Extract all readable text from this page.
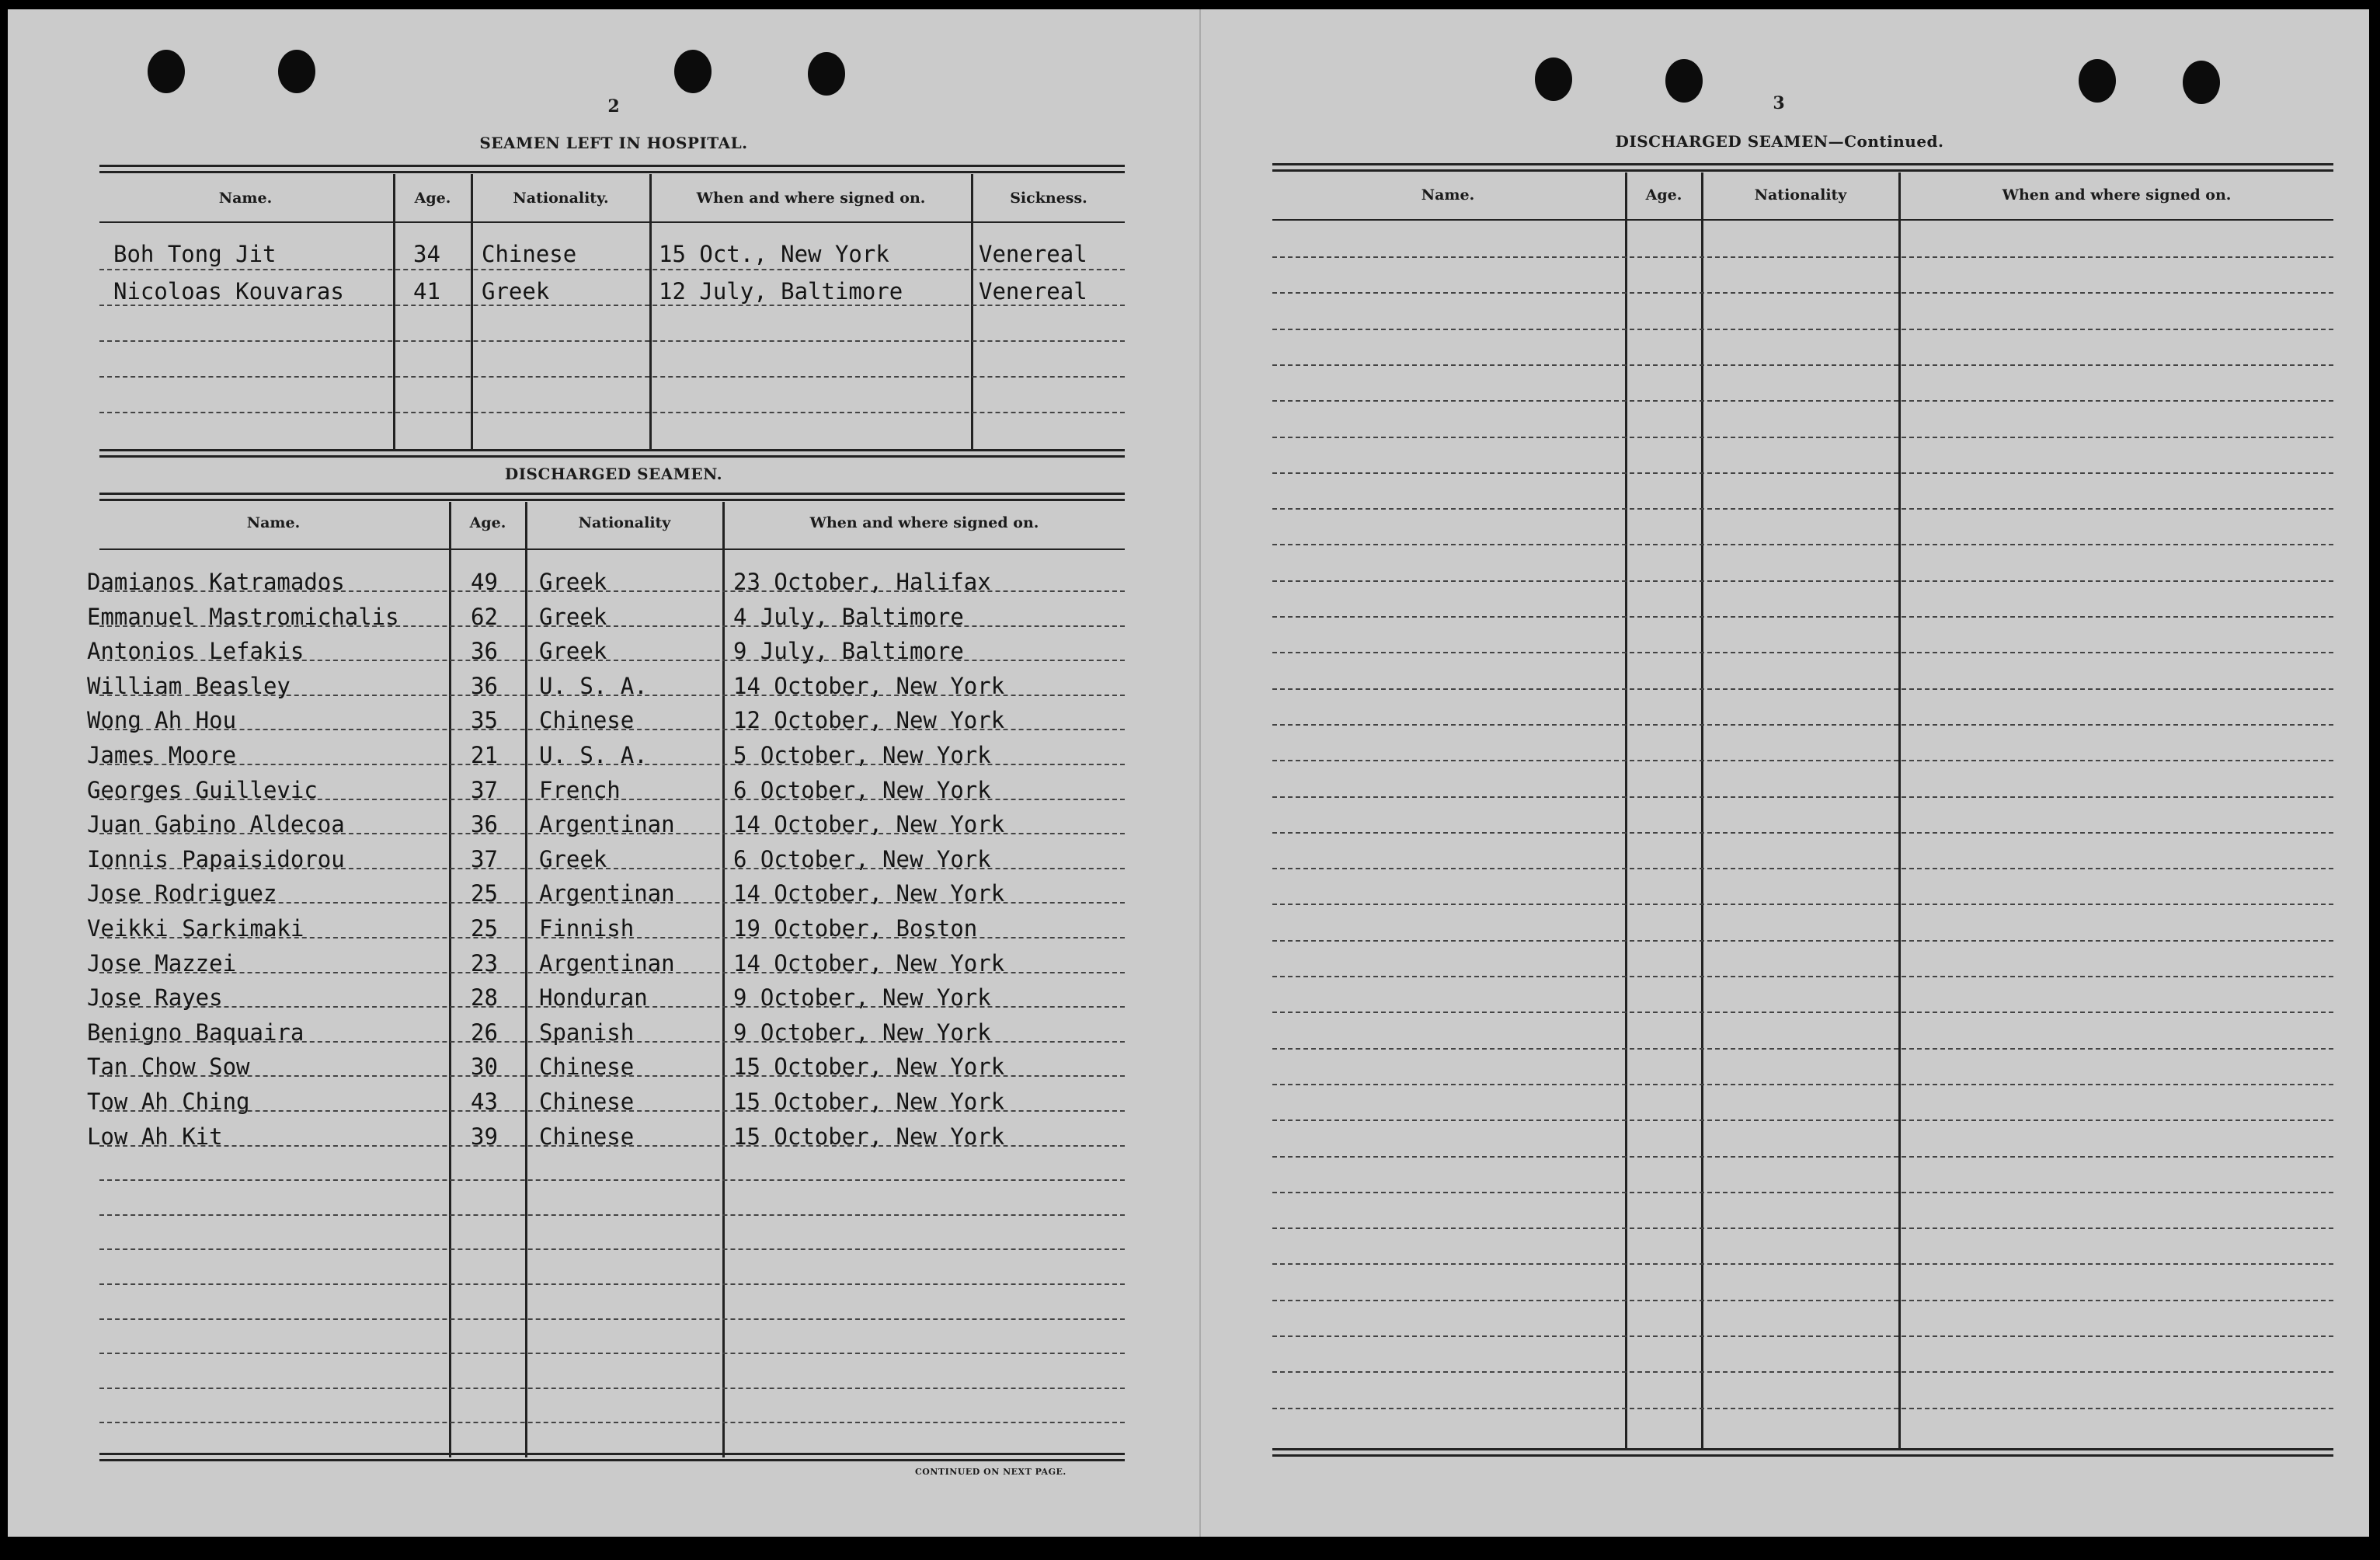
2
SEAMEN LEFT IN HOSPITAL.
Name.	Age.	Nationality.	When and where signed on.	Sickness.
Boh Tong Jit	34 Chinese	15 Oct., New York	Venereal
Nicoloas Kouvaras	41 Greek	12 July, Baltimore	Venereal
DISCHARGED SEAMEN.
Name.	Age.	Nationality	When and where signed on.
Damianos Katramados	49 Greek	23 October, Halifax
Emmanuel Mastromichalis	62 Greek	4 July, Baltimore
Antonios Lefakis	36 Greek	9 July, Baltimore
William Beasley	36 U. S. A.	14 October, New York
Wong Ah Hou	35 Chinese	12 October, New York
James Moore	21 U. S. A.	5 October, New York
Georges Guillevic	37 French	6 October, New York
Juan Gabino Aldecoa	36 Argentinan	14 October, New York
Ionnis Papaisidorou	37 Greek	6 October, New York
Jose Rodriguez	25 Argentinan	14 October, New York
Veikki Sarkimaki	25 Finnish	19 October, Boston
Jose Mazzei	23 Argentinan	14 October, New York
Jose Rayes	28 Honduran	9 October, New York
Benigno Baquaira	26 Spanish	9 October, New York
Tan Chow Sow	30 Chinese	15 October, New York
Tow Ah Ching	43 Chinese	15 October, New York
Low Ah Kit	39 Chinese	15 October, New York
CONTINUED ON NEXT PAGE.
3
DISCHARGED SEAMEN—Continued.
Name.	Age.	Nationality	When and where signed on.
